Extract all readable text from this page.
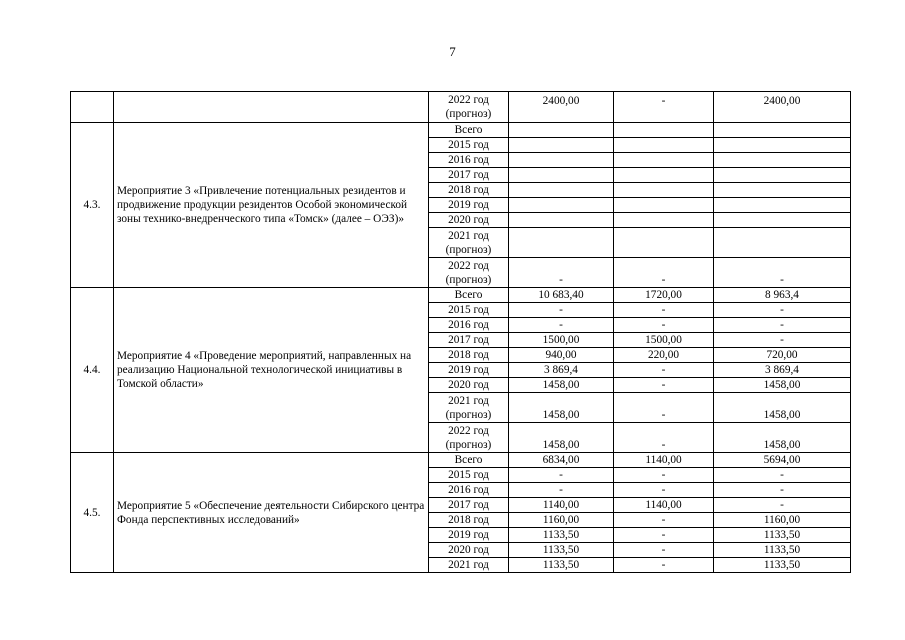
7
		2022 год
(прогноз)	2400,00	-	2400,00
4.3.	Мероприятие 3 «Привлечение потенциальных резидентов и продвижение продукции резидентов Особой экономической зоны технико-внедренческого типа «Томск» (далее – ОЭЗ)»	Всего			
		2015 год			
		2016 год			
		2017 год			
		2018 год			
		2019 год			
		2020 год			
		2021 год
(прогноз)			
		2022 год
(прогноз)	-	-	-
4.4.	Мероприятие 4 «Проведение мероприятий, направленных на реализацию Национальной технологической инициативы в Томской области»	Всего	10 683,40	1720,00	8 963,4
		2015 год	-	-	-
		2016 год	-	-	-
		2017 год	1500,00	1500,00	-
		2018 год	940,00	220,00	720,00
		2019 год	3 869,4	-	3 869,4
		2020 год	1458,00	-	1458,00
		2021 год
(прогноз)	1458,00	-	1458,00
		2022 год
(прогноз)	1458,00	-	1458,00
4.5.	Мероприятие 5 «Обеспечение деятельности Сибирского центра Фонда перспективных исследований»	Всего	6834,00	1140,00	5694,00
		2015 год	-	-	-
		2016 год	-	-	-
		2017 год	1140,00	1140,00	-
		2018 год	1160,00	-	1160,00
		2019 год	1133,50	-	1133,50
		2020 год	1133,50	-	1133,50
		2021 год	1133,50	-	1133,50
